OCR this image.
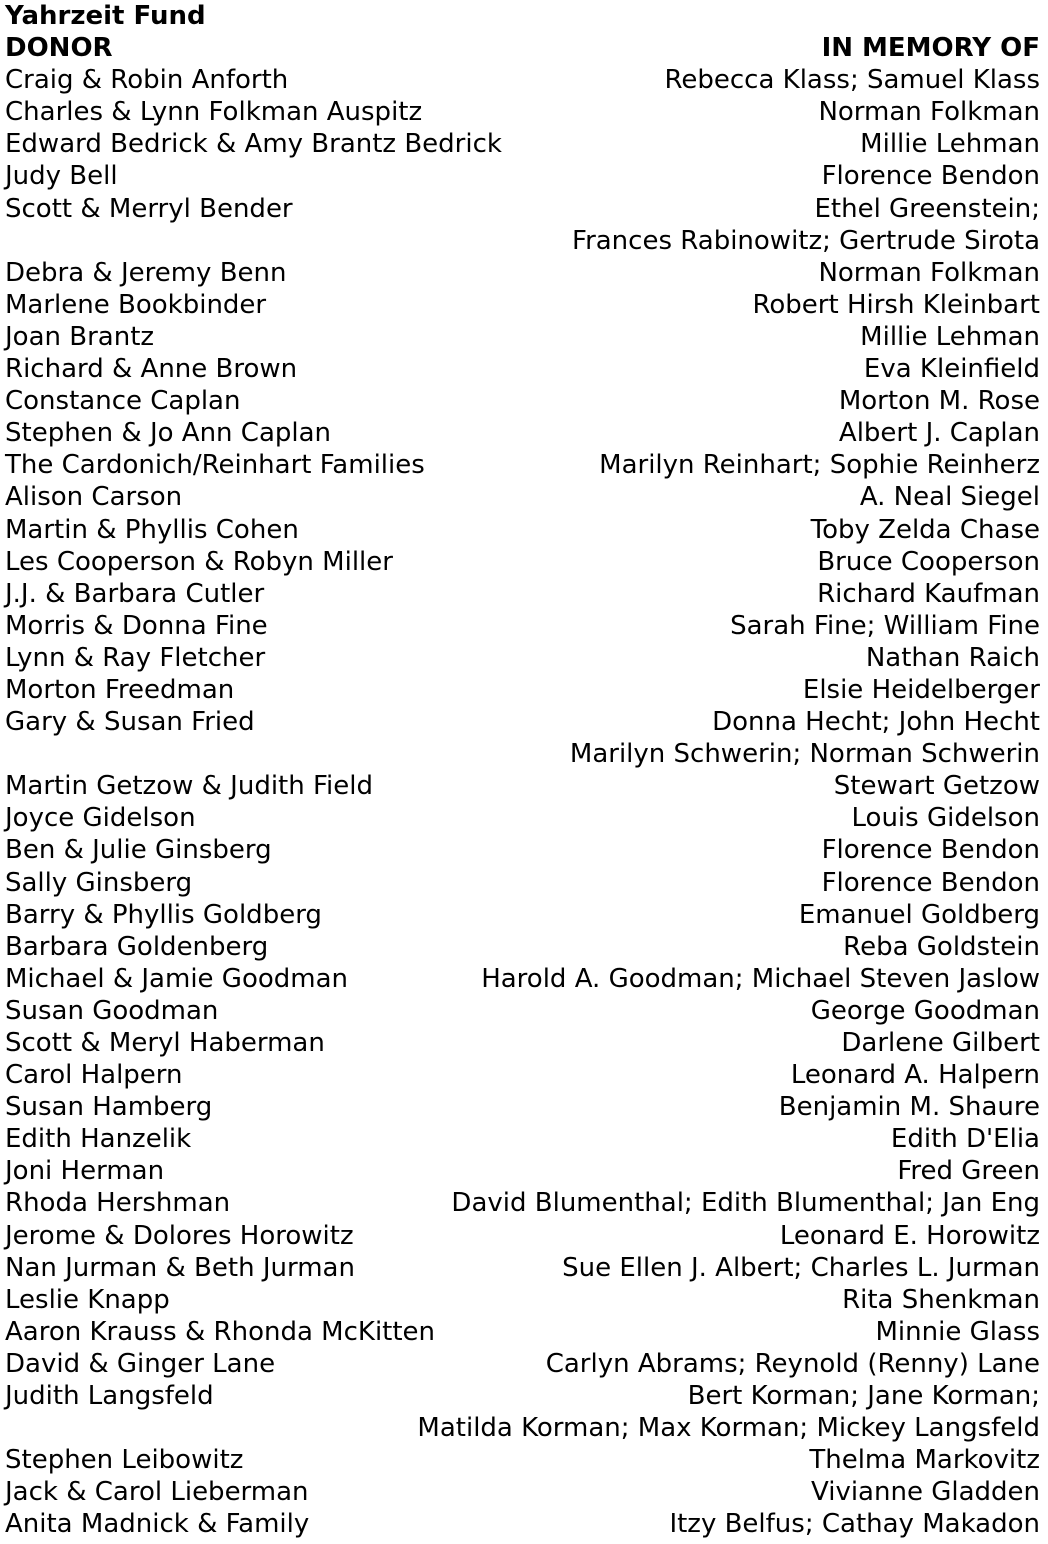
Yahrzeit Fund
DONOR	IN MEMORY OF
Craig & Robin Anforth	Rebecca Klass; Samuel Klass
Charles & Lynn Folkman Auspitz	Norman Folkman
Edward Bedrick & Amy Brantz Bedrick	Millie Lehman
Judy Bell	Florence Bendon
Scott & Merryl Bender	Ethel Greenstein;
Frances Rabinowitz; Gertrude Sirota
Debra & Jeremy Benn	Norman Folkman
Marlene Bookbinder	Robert Hirsh Kleinbart
Joan Brantz	Millie Lehman
Richard & Anne Brown	Eva Kleinfield
Constance Caplan	Morton M. Rose
Stephen & Jo Ann Caplan	Albert J. Caplan
The Cardonich/Reinhart Families	Marilyn Reinhart; Sophie Reinherz
Alison Carson	A. Neal Siegel
Martin & Phyllis Cohen	Toby Zelda Chase
Les Cooperson & Robyn Miller	Bruce Cooperson
J.J. & Barbara Cutler	Richard Kaufman
Morris & Donna Fine	Sarah Fine; William Fine
Lynn & Ray Fletcher	Nathan Raich
Morton Freedman	Elsie Heidelberger
Gary & Susan Fried	Donna Hecht; John Hecht
Marilyn Schwerin; Norman Schwerin
Martin Getzow & Judith Field	Stewart Getzow
Joyce Gidelson	Louis Gidelson
Ben & Julie Ginsberg	Florence Bendon
Sally Ginsberg	Florence Bendon
Barry & Phyllis Goldberg	Emanuel Goldberg
Barbara Goldenberg	Reba Goldstein
Michael & Jamie Goodman	Harold A. Goodman; Michael Steven Jaslow
Susan Goodman	George Goodman
Scott & Meryl Haberman	Darlene Gilbert
Carol Halpern	Leonard A. Halpern
Susan Hamberg	Benjamin M. Shaure
Edith Hanzelik	Edith D'Elia
Joni Herman	Fred Green
Rhoda Hershman	David Blumenthal; Edith Blumenthal; Jan Eng
Jerome & Dolores Horowitz	Leonard E. Horowitz
Nan Jurman & Beth Jurman	Sue Ellen J. Albert; Charles L. Jurman
Leslie Knapp	Rita Shenkman
Aaron Krauss & Rhonda McKitten	Minnie Glass
David & Ginger Lane	Carlyn Abrams; Reynold (Renny) Lane
Judith Langsfeld	Bert Korman; Jane Korman;
Matilda Korman; Max Korman; Mickey Langsfeld
Stephen Leibowitz	Thelma Markovitz
Jack & Carol Lieberman	Vivianne Gladden
Anita Madnick & Family	Itzy Belfus; Cathay Makadon
